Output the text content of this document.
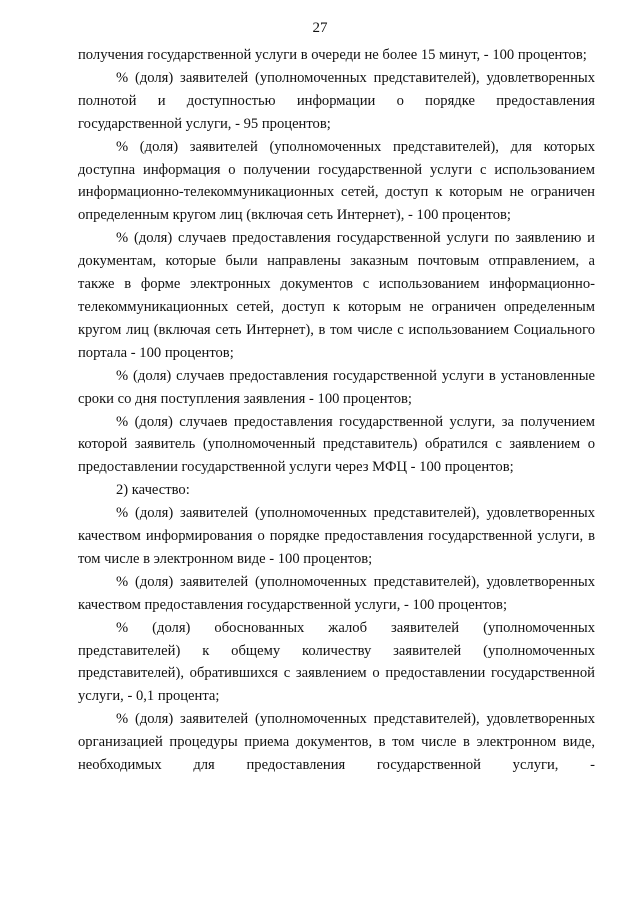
27

получения государственной услуги в очереди не более 15 минут, - 100 процентов;

% (доля) заявителей (уполномоченных представителей), удовлетворенных полнотой и доступностью информации о порядке предоставления государственной услуги, - 95 процентов;

% (доля) заявителей (уполномоченных представителей), для которых доступна информация о получении государственной услуги с использованием информационно-телекоммуникационных сетей, доступ к которым не ограничен определенным кругом лиц (включая сеть Интернет), - 100 процентов;

% (доля) случаев предоставления государственной услуги по заявлению и документам, которые были направлены заказным почтовым отправлением, а также в форме электронных документов с использованием информационно-телекоммуникационных сетей, доступ к которым не ограничен определенным кругом лиц (включая сеть Интернет), в том числе с использованием Социального портала - 100 процентов;

% (доля) случаев предоставления государственной услуги в установленные сроки со дня поступления заявления - 100 процентов;

% (доля) случаев предоставления государственной услуги, за получением которой заявитель (уполномоченный представитель) обратился с заявлением о предоставлении государственной услуги через МФЦ - 100 процентов;

2) качество:

% (доля) заявителей (уполномоченных представителей), удовлетворенных качеством информирования о порядке предоставления государственной услуги, в том числе в электронном виде - 100 процентов;

% (доля) заявителей (уполномоченных представителей), удовлетворенных качеством предоставления государственной услуги, - 100 процентов;

% (доля) обоснованных жалоб заявителей (уполномоченных представителей) к общему количеству заявителей (уполномоченных представителей), обратившихся с заявлением о предоставлении государственной услуги, - 0,1 процента;

% (доля) заявителей (уполномоченных представителей), удовлетворенных организацией процедуры приема документов, в том числе в электронном виде, необходимых для предоставления государственной услуги, -
